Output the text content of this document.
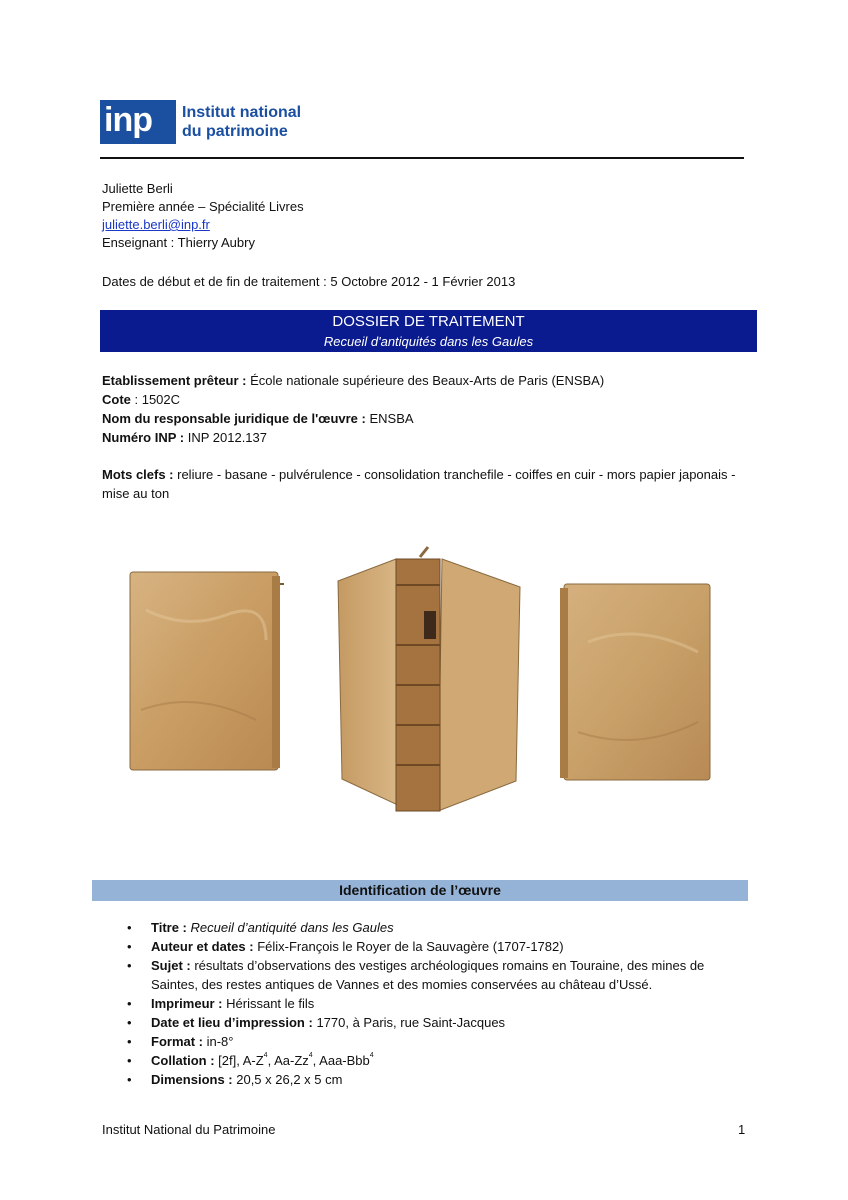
inp	Institut national
du patrimoine
Juliette Berli
Première année – Spécialité Livres
juliette.berli@inp.fr
Enseignant : Thierry Aubry
Dates de début et de fin de traitement : 5 Octobre 2012 - 1 Février 2013
DOSSIER DE TRAITEMENT
Recueil d'antiquités dans les Gaules
Etablissement prêteur : École nationale supérieure des Beaux-Arts de Paris (ENSBA)
Cote : 1502C
Nom du responsable juridique de l'œuvre : ENSBA
Numéro INP : INP 2012.137
Mots clefs : reliure - basane - pulvérulence - consolidation tranchefile - coiffes en cuir - mors papier japonais - mise au ton
Identification de l’œuvre
• Titre : Recueil d’antiquité dans les Gaules
• Auteur et dates : Félix-François le Royer de la Sauvagère (1707-1782)
• Sujet : résultats d’observations des vestiges archéologiques romains en Touraine, des mines de Saintes, des restes antiques de Vannes et des momies conservées au château d’Ussé.
• Imprimeur : Hérissant le fils
• Date et lieu d’impression : 1770, à Paris, rue Saint-Jacques
• Format : in-8°
• Collation : [2f], $A-Z^4$, Aa-Zz$^4$, Aaa-Bbb$^4$
• Dimensions : 20,5 x 26,2 x 5 cm
Institut National du Patrimoine	1
